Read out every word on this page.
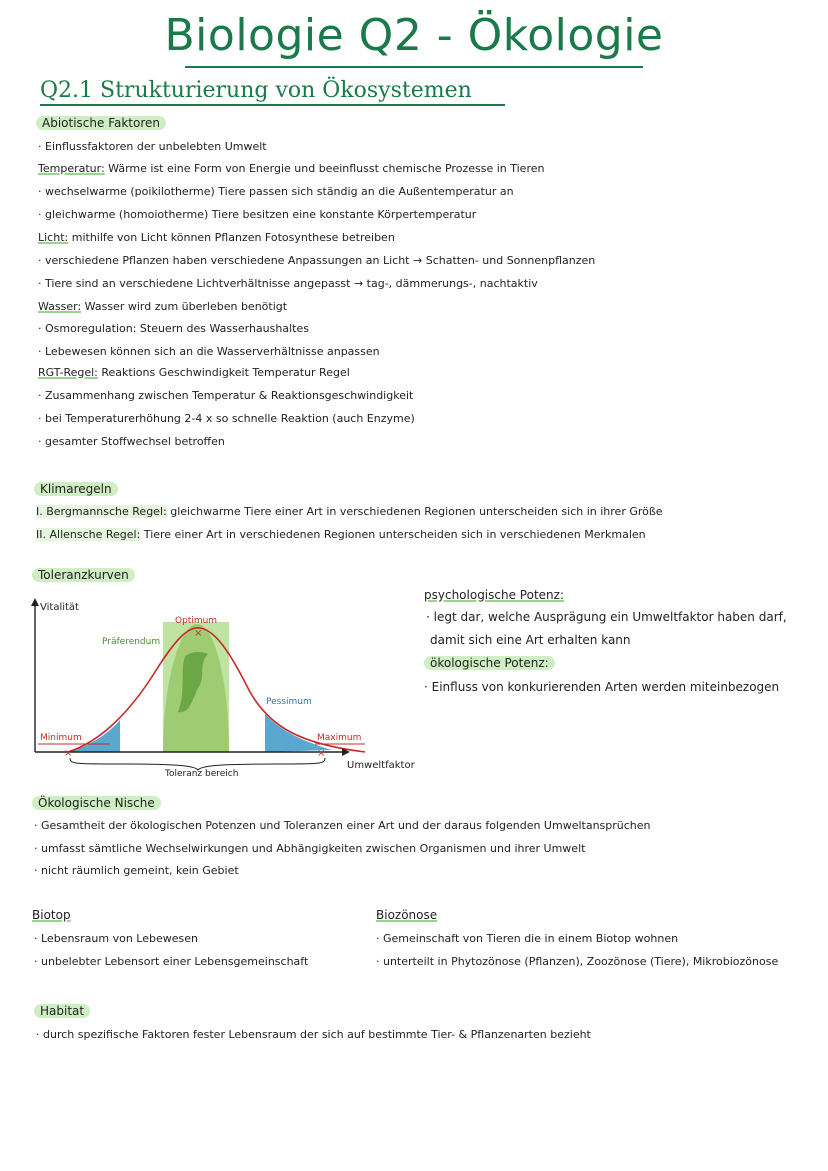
Biologie Q2 - Ökologie
Q2.1 Strukturierung von Ökosystemen
Abiotische Faktoren
· Einflussfaktoren der unbelebten Umwelt
Temperatur: Wärme ist eine Form von Energie und beeinflusst chemische Prozesse in Tieren
· wechselwarme (poikilotherme) Tiere passen sich ständig an die Außentemperatur an
· gleichwarme (homoiotherme) Tiere besitzen eine konstante Körpertemperatur
Licht: mithilfe von Licht können Pflanzen Fotosynthese betreiben
· verschiedene Pflanzen haben verschiedene Anpassungen an Licht → Schatten- und Sonnenpflanzen
· Tiere sind an verschiedene Lichtverhältnisse angepasst → tag-, dämmerungs-, nachtaktiv
Wasser: Wasser wird zum überleben benötigt
· Osmoregulation: Steuern des Wasserhaushaltes
· Lebewesen können sich an die Wasserverhältnisse anpassen
RGT-Regel: Reaktions Geschwindigkeit Temperatur Regel
· Zusammenhang zwischen Temperatur & Reaktionsgeschwindigkeit
· bei Temperaturerhöhung 2-4 x so schnelle Reaktion (auch Enzyme)
· gesamter Stoffwechsel betroffen
Klimaregeln
I. Bergmannsche Regel: gleichwarme Tiere einer Art in verschiedenen Regionen unterscheiden sich in ihrer Größe
II. Allensche Regel: Tiere einer Art in verschiedenen Regionen unterscheiden sich in verschiedenen Merkmalen
Toleranzkurven
×	×
×
Vitalität
Optimum
Präferendum
Pessimum
Minimum	Maximum
Toleranz bereich
Umweltfaktor
psychologische Potenz:
· legt dar, welche Ausprägung ein Umweltfaktor haben darf,
damit sich eine Art erhalten kann
ökologische Potenz:
· Einfluss von konkurierenden Arten werden miteinbezogen
Ökologische Nische
· Gesamtheit der ökologischen Potenzen und Toleranzen einer Art und der daraus folgenden Umweltansprüchen
· umfasst sämtliche Wechselwirkungen und Abhängigkeiten zwischen Organismen und ihrer Umwelt
· nicht räumlich gemeint, kein Gebiet
Biotop
· Lebensraum von Lebewesen
· unbelebter Lebensort einer Lebensgemeinschaft
Biozönose
· Gemeinschaft von Tieren die in einem Biotop wohnen
· unterteilt in Phytozönose (Pflanzen), Zoozönose (Tiere), Mikrobiozönose
Habitat
· durch spezifische Faktoren fester Lebensraum der sich auf bestimmte Tier- & Pflanzenarten bezieht
